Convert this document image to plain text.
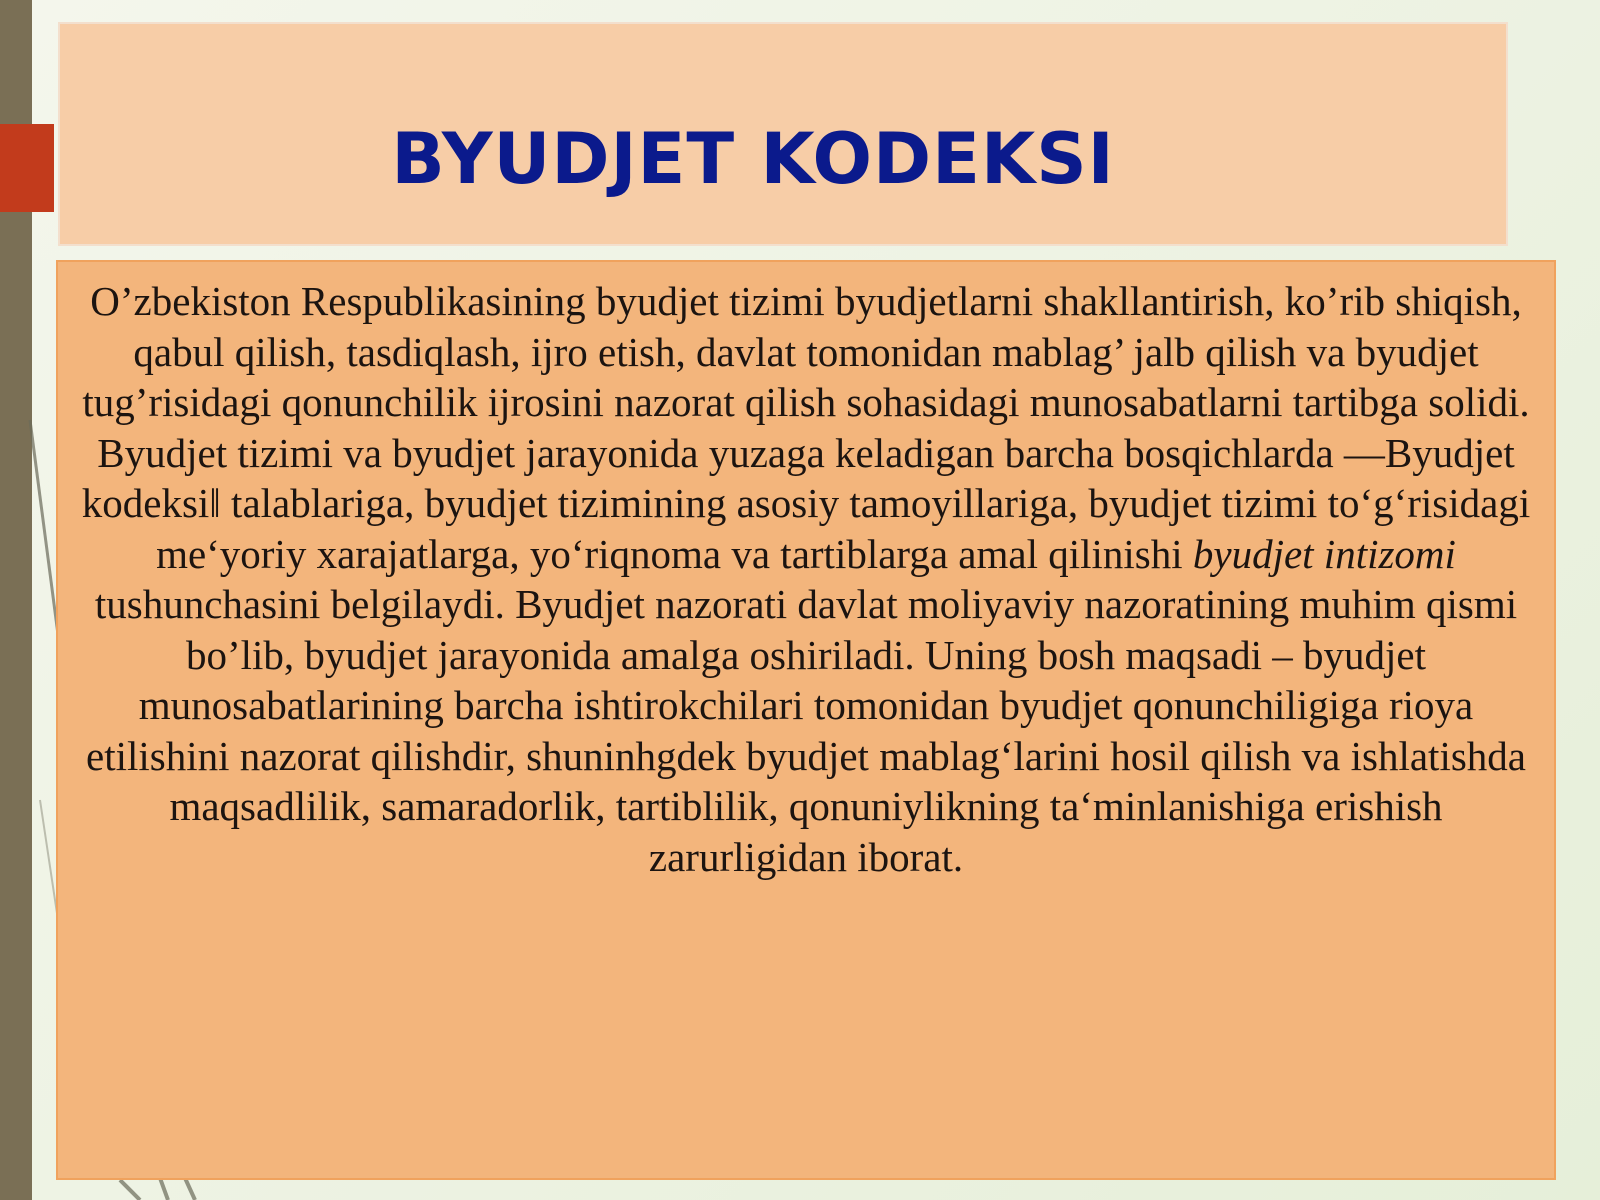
BYUDJET KODEKSI

O’zbekiston Respublikasining byudjet tizimi byudjetlarni shakllantirish, ko’rib shiqish, qabul qilish, tasdiqlash, ijro etish, davlat tomonidan mablag’ jalb qilish va byudjet tug’risidagi qonunchilik ijrosini nazorat qilish sohasidagi munosabatlarni tartibga solidi.

Byudjet tizimi va byudjet jarayonida yuzaga keladigan barcha bosqichlarda ―Byudjet kodeksi‖ talablariga, byudjet tizimining asosiy tamoyillariga, byudjet tizimi to‘g‘risidagi me‘yoriy xarajatlarga, yo‘riqnoma va tartiblarga amal qilinishi byudjet intizomi tushunchasini belgilaydi. Byudjet nazorati davlat moliyaviy nazoratining muhim qismi bo’lib, byudjet jarayonida amalga oshiriladi. Uning bosh maqsadi – byudjet munosabatlarining barcha ishtirokchilari tomonidan byudjet qonunchiligiga rioya etilishini nazorat qilishdir, shuninhgdek byudjet mablag‘larini hosil qilish va ishlatishda maqsadlilik, samaradorlik, tartiblilik, qonuniylikning ta‘minlanishiga erishish zarurligidan iborat.
